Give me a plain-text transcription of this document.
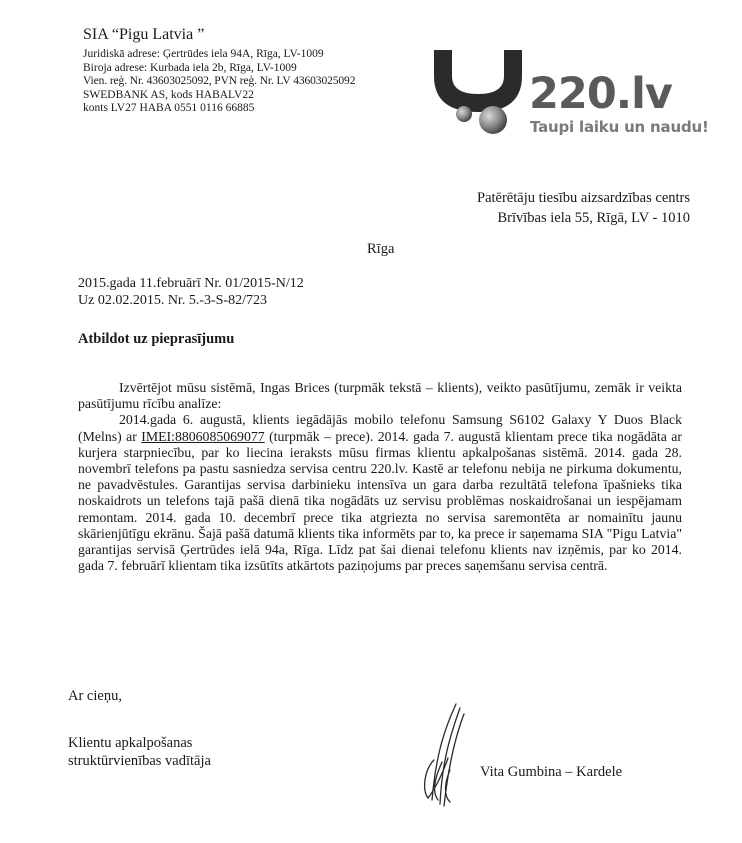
SIA “Pigu Latvia ”
Juridiskā adrese: Ģertrūdes iela 94A, Rīga, LV-1009
Biroja adrese: Kurbada iela 2b, Rīga, LV-1009
Vien. reģ. Nr. 43603025092, PVN reģ. Nr. LV 43603025092
SWEDBANK AS, kods HABALV22
konts LV27 HABA 0551 0116 66885	220.lv
Taupi laiku un naudu!
Patērētāju tiesību aizsardzības centrs
Brīvības iela 55, Rīgā, LV - 1010
Rīga
2015.gada 11.februārī Nr. 01/2015-N/12
Uz 02.02.2015. Nr. 5.-3-S-82/723
Atbildot uz pieprasījumu

Izvērtējot mūsu sistēmā, Ingas Brices (turpmāk tekstā – klients), veikto pasūtījumu, zemāk ir veikta pasūtījumu rīcību analīze:

2014.gada 6. augustā, klients iegādājās mobilo telefonu Samsung S6102 Galaxy Y Duos Black (Melns) ar IMEI:8806085069077 (turpmāk – prece). 2014. gada 7. augustā klientam prece tika nogādāta ar kurjera starpniecību, par ko liecina ieraksts mūsu firmas klientu apkalpošanas sistēmā. 2014. gada 28. novembrī telefons pa pastu sasniedza servisa centru 220.lv. Kastē ar telefonu nebija ne pirkuma dokumentu, ne pavadvēstules. Garantijas servisa darbinieku intensīva un gara darba rezultātā telefona īpašnieks tika noskaidrots un telefons tajā pašā dienā tika nogādāts uz servisu problēmas noskaidrošanai un iespējamam remontam. 2014. gada 10. decembrī prece tika atgriezta no servisa saremontēta ar nomainītu jaunu skārienjūtīgu ekrānu. Šajā pašā datumā klients tika informēts par to, ka prece ir saņemama SIA "Pigu Latvia" garantijas servisā Ģertrūdes ielā 94a, Rīga. Līdz pat šai dienai telefonu klients nav izņēmis, par ko 2014. gada 7. februārī klientam tika izsūtīts atkārtots paziņojums par preces saņemšanu servisa centrā.

Ar cieņu,
Klientu apkalpošanas
struktūrvienības vadītāja
Vita Gumbina – Kardele
